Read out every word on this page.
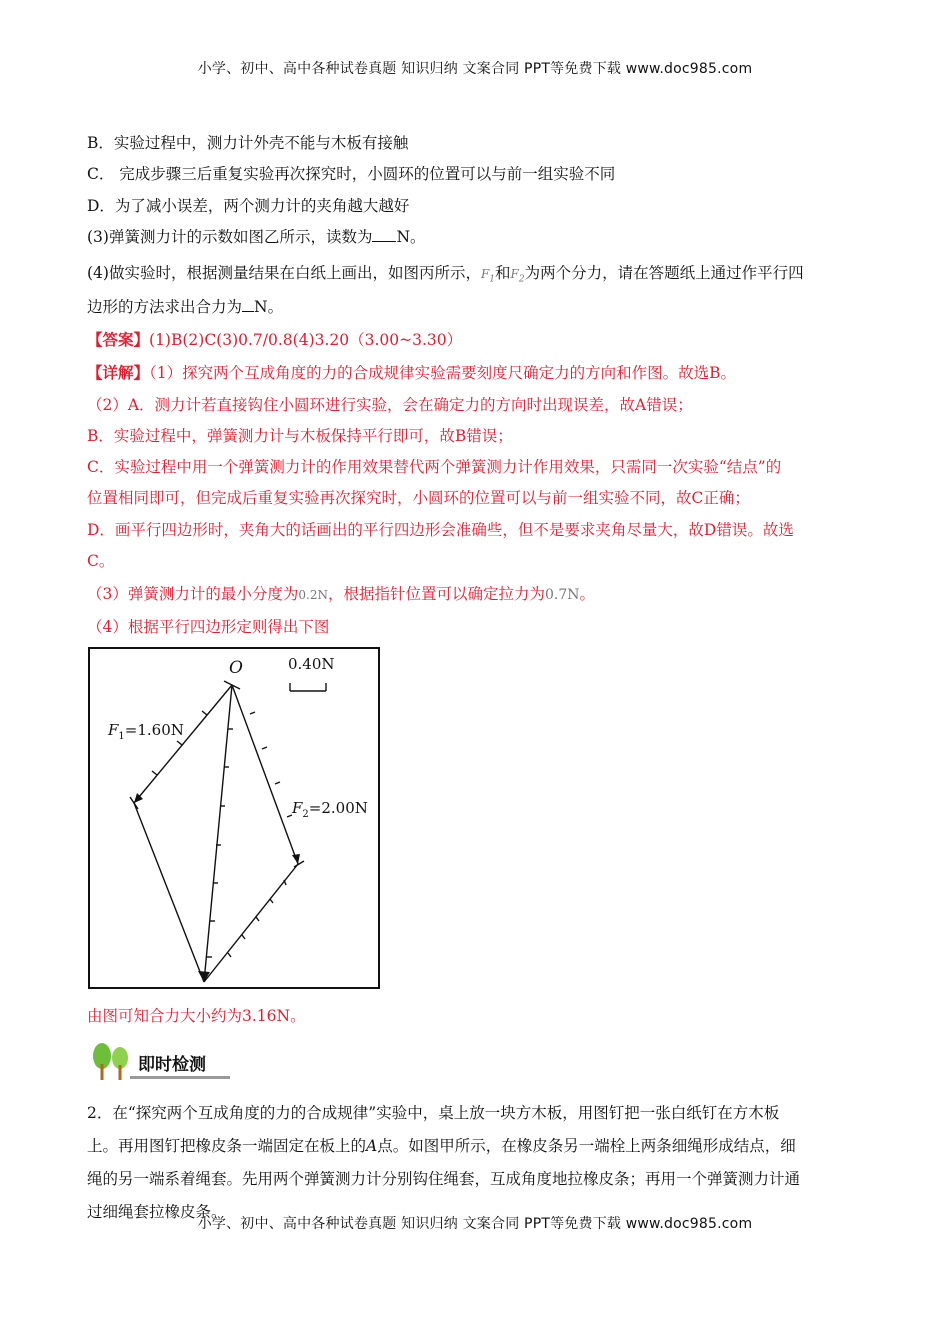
小学、初中、高中各种试卷真题 知识归纳 文案合同 PPT等免费下载 www.doc985.com
B．实验过程中，测力计外壳不能与木板有接触
C． 完成步骤三后重复实验再次探究时，小圆环的位置可以与前一组实验不同
D．为了减小误差，两个测力计的夹角越大越好
(3)弹簧测力计的示数如图乙所示，读数为 N。
(4)做实验时，根据测量结果在白纸上画出，如图丙所示，$F_1$和$F_2$为两个分力，请在答题纸上通过作平行四
边形的方法求出合力为 N。
【答案】(1)B(2)C(3)0.7/0.8(4)3.20（3.00~3.30）
【详解】（1）探究两个互成角度的力的合成规律实验需要刻度尺确定力的方向和作图。故选B。
（2）A．测力计若直接钩住小圆环进行实验，会在确定力的方向时出现误差，故A错误；
B．实验过程中，弹簧测力计与木板保持平行即可，故B错误；
C．实验过程中用一个弹簧测力计的作用效果替代两个弹簧测力计作用效果，只需同一次实验“结点”的
位置相同即可，但完成后重复实验再次探究时，小圆环的位置可以与前一组实验不同，故C正确；
D．画平行四边形时，夹角大的话画出的平行四边形会准确些，但不是要求夹角尽量大，故D错误。故选
C。
（3）弹簧测力计的最小分度为0.2N，根据指针位置可以确定拉力为0.7N。
（4）根据平行四边形定则得出下图
O	0.40N
$F_1=1.60N$
$F_2=2.00N$
由图可知合力大小约为3.16N。
即时检测
2．在“探究两个互成角度的力的合成规律”实验中，桌上放一块方木板，用图钉把一张白纸钉在方木板
上。再用图钉把橡皮条一端固定在板上的A点。如图甲所示，在橡皮条另一端栓上两条细绳形成结点，细
绳的另一端系着绳套。先用两个弹簧测力计分别钩住绳套，互成角度地拉橡皮条；再用一个弹簧测力计通
过细绳套拉橡皮条。
小学、初中、高中各种试卷真题 知识归纳 文案合同 PPT等免费下载 www.doc985.com
